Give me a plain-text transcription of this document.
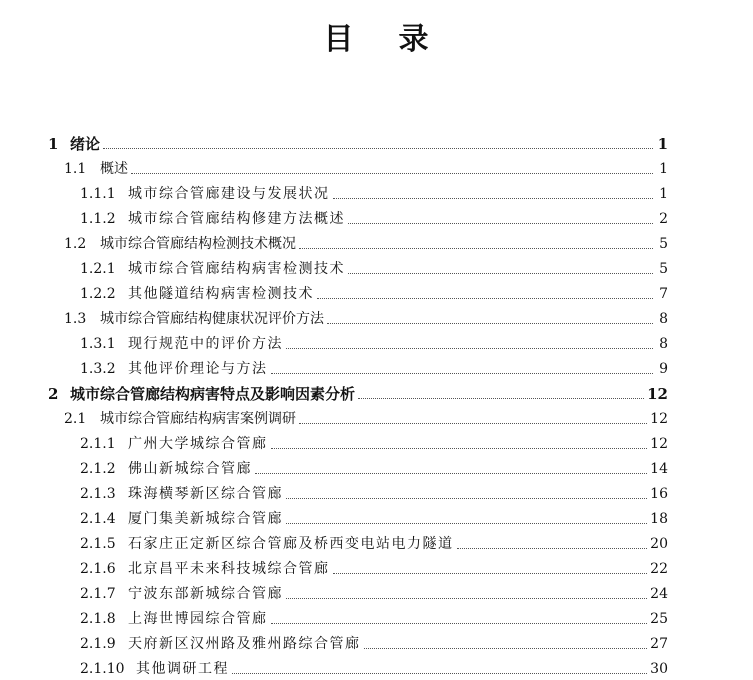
目 录
1 绪论	1
1.1 概述	1
1.1.1 城市综合管廊建设与发展状况	1
1.1.2 城市综合管廊结构修建方法概述	2
1.2 城市综合管廊结构检测技术概况	5
1.2.1 城市综合管廊结构病害检测技术	5
1.2.2 其他隧道结构病害检测技术	7
1.3 城市综合管廊结构健康状况评价方法	8
1.3.1 现行规范中的评价方法	8
1.3.2 其他评价理论与方法	9
2 城市综合管廊结构病害特点及影响因素分析	12
2.1 城市综合管廊结构病害案例调研	12
2.1.1 广州大学城综合管廊	12
2.1.2 佛山新城综合管廊	14
2.1.3 珠海横琴新区综合管廊	16
2.1.4 厦门集美新城综合管廊	18
2.1.5 石家庄正定新区综合管廊及桥西变电站电力隧道	20
2.1.6 北京昌平未来科技城综合管廊	22
2.1.7 宁波东部新城综合管廊	24
2.1.8 上海世博园综合管廊	25
2.1.9 天府新区汉州路及雅州路综合管廊	27
2.1.10 其他调研工程	30
